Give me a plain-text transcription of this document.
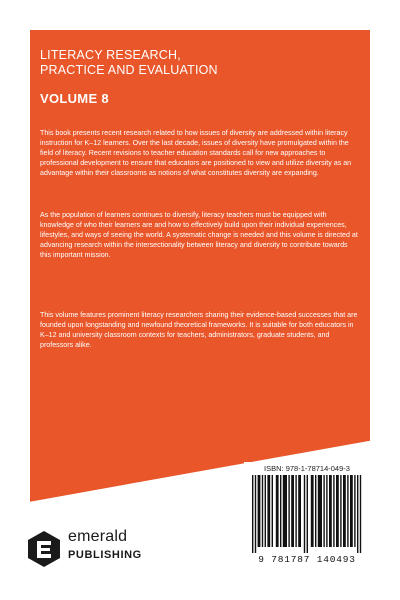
LITERACY RESEARCH,
PRACTICE AND EVALUATION
VOLUME 8

This book presents recent research related to how issues of diversity are addressed within literacy instruction for K–12 learners. Over the last decade, issues of diversity have promulgated within the field of literacy. Recent revisions to teacher education standards call for new approaches to professional development to ensure that educators are positioned to view and utilize diversity as an advantage within their classrooms as notions of what constitutes diversity are expanding.

As the population of learners continues to diversify, literacy teachers must be equipped with knowledge of who their learners are and how to effectively build upon their individual experiences, lifestyles, and ways of seeing the world. A systematic change is needed and this volume is directed at advancing research within the intersectionality between literacy and diversity to contribute towards this important mission.

This volume features prominent literacy researchers sharing their evidence-based successes that are founded upon longstanding and newfound theoretical frameworks. It is suitable for both educators in K–12 and university classroom contexts for teachers, administrators, graduate students, and professors alike.

ISBN: 978-1-78714-049-3
9 781787 140493
emerald
PUBLISHING
